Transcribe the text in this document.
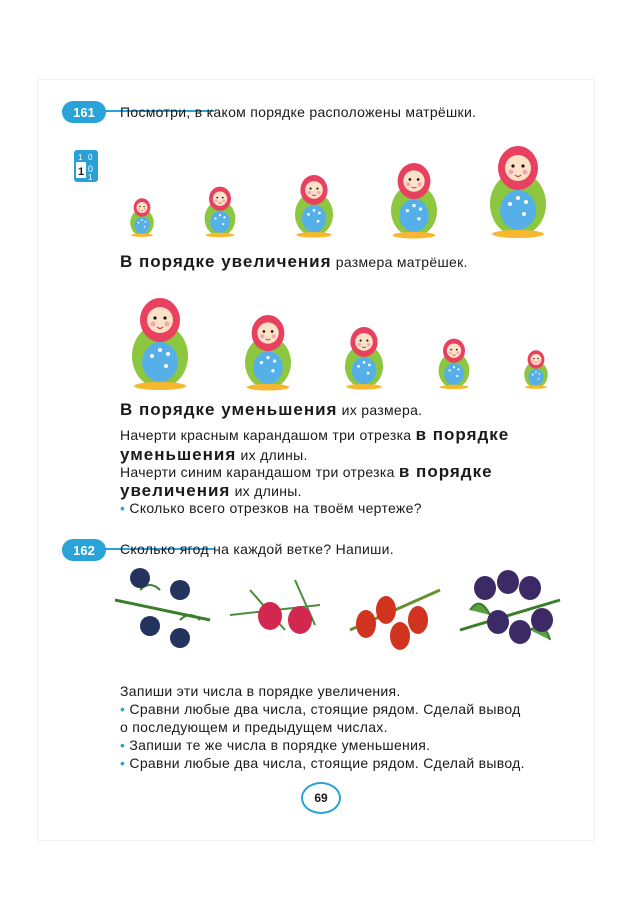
161	Посмотри, в каком порядке расположены матрёшки.
1 0
1 0
1
В порядке увеличения размера матрёшек.
В порядке уменьшения их размера.
Начерти красным карандашом три отрезка в порядке
уменьшения их длины.
Начерти синим карандашом три отрезка в порядке
увеличения их длины.
• Сколько всего отрезков на твоём чертеже?
162	Сколько ягод на каждой ветке? Напиши.
Запиши эти числа в порядке увеличения.
• Сравни любые два числа, стоящие рядом. Сделай вывод
о последующем и предыдущем числах.
• Запиши те же числа в порядке уменьшения.
• Сравни любые два числа, стоящие рядом. Сделай вывод.
69
